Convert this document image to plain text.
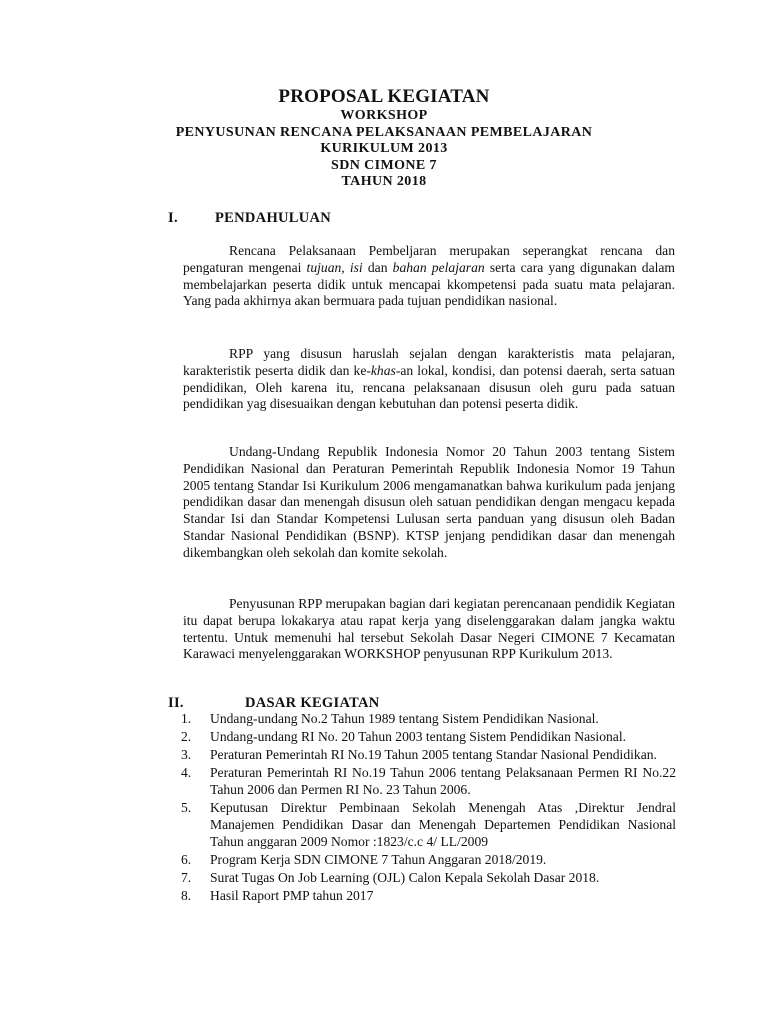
PROPOSAL KEGIATAN
WORKSHOP
PENYUSUNAN RENCANA PELAKSANAAN PEMBELAJARAN
KURIKULUM 2013
SDN CIMONE 7
TAHUN 2018
I.	PENDAHULUAN

Rencana Pelaksanaan Pembeljaran merupakan seperangkat rencana dan pengaturan mengenai tujuan, isi dan bahan pelajaran serta cara yang digunakan dalam membelajarkan peserta didik untuk mencapai kkompetensi pada suatu mata pelajaran. Yang pada akhirnya akan bermuara pada tujuan pendidikan nasional.

RPP yang disusun haruslah sejalan dengan karakteristis mata pelajaran, karakteristik peserta didik dan ke-khas-an lokal, kondisi, dan potensi daerah, serta satuan pendidikan, Oleh karena itu, rencana pelaksanaan disusun oleh guru pada satuan pendidikan yag disesuaikan dengan kebutuhan dan potensi peserta didik.

Undang-Undang Republik Indonesia Nomor 20 Tahun 2003 tentang Sistem Pendidikan Nasional dan Peraturan Pemerintah Republik Indonesia Nomor 19 Tahun 2005 tentang Standar Isi Kurikulum 2006 mengamanatkan bahwa kurikulum pada jenjang pendidikan dasar dan menengah disusun oleh satuan pendidikan dengan mengacu kepada Standar Isi dan Standar Kompetensi Lulusan serta panduan yang disusun oleh Badan Standar Nasional Pendidikan (BSNP). KTSP jenjang pendidikan dasar dan menengah dikembangkan oleh sekolah dan komite sekolah.

Penyusunan RPP merupakan bagian dari kegiatan perencanaan pendidik Kegiatan itu dapat berupa lokakarya atau rapat kerja yang diselenggarakan dalam jangka waktu tertentu. Untuk memenuhi hal tersebut Sekolah Dasar Negeri CIMONE 7 Kecamatan Karawaci menyelenggarakan WORKSHOP penyusunan RPP Kurikulum 2013.

II.	DASAR KEGIATAN
1. Undang-undang No.2 Tahun 1989 tentang Sistem Pendidikan Nasional.
2. Undang-undang RI No. 20 Tahun 2003 tentang Sistem Pendidikan Nasional.
3. Peraturan Pemerintah RI No.19 Tahun 2005 tentang Standar Nasional Pendidikan.
4. Peraturan Pemerintah RI No.19 Tahun 2006 tentang Pelaksanaan Permen RI No.22 Tahun 2006 dan Permen RI No. 23 Tahun 2006.
5. Keputusan Direktur Pembinaan Sekolah Menengah Atas ,Direktur Jendral Manajemen Pendidikan Dasar dan Menengah Departemen Pendidikan Nasional Tahun anggaran 2009 Nomor :1823/c.c 4/ LL/2009
6. Program Kerja SDN CIMONE 7 Tahun Anggaran 2018/2019.
7. Surat Tugas On Job Learning (OJL) Calon Kepala Sekolah Dasar 2018.
8. Hasil Raport PMP tahun 2017
